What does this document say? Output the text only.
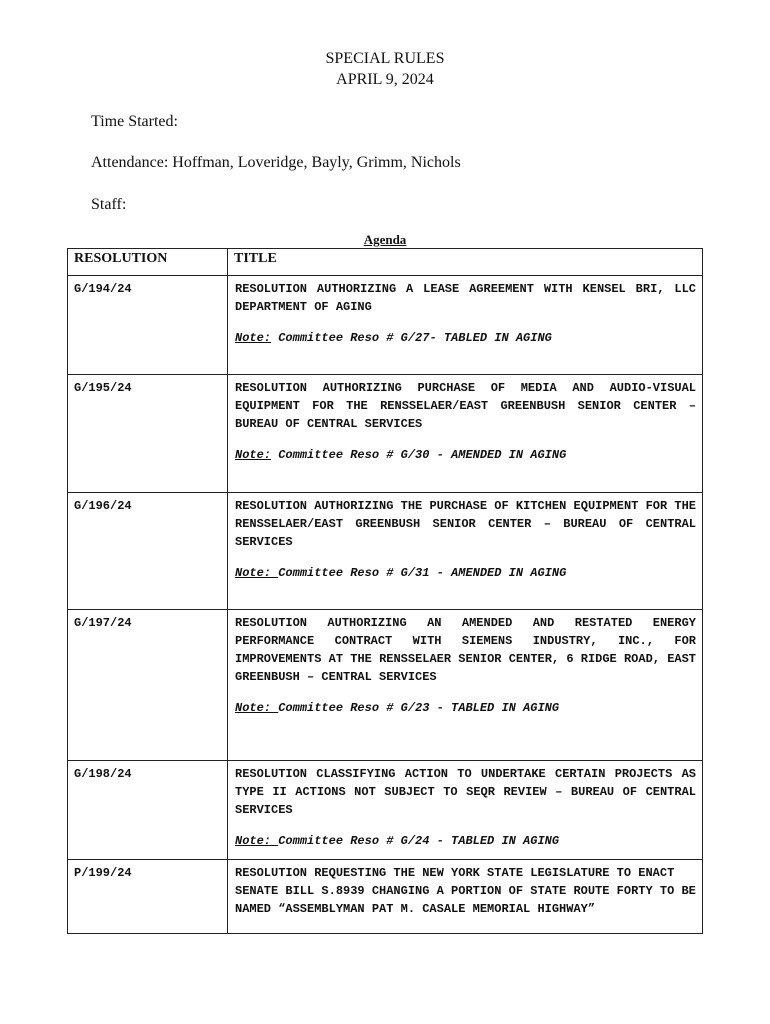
SPECIAL RULES
APRIL 9, 2024
Time Started:
Attendance: Hoffman, Loveridge, Bayly, Grimm, Nichols
Staff:
Agenda
RESOLUTION	TITLE
G/194/24	RESOLUTION AUTHORIZING A LEASE AGREEMENT WITH KENSEL BRI, LLC DEPARTMENT OF AGING
Note: Committee Reso # G/27- TABLED IN AGING

G/195/24	RESOLUTION AUTHORIZING PURCHASE OF MEDIA AND AUDIO-VISUAL EQUIPMENT FOR THE RENSSELAER/EAST GREENBUSH SENIOR CENTER – BUREAU OF CENTRAL SERVICES
Note: Committee Reso # G/30 - AMENDED IN AGING

G/196/24	RESOLUTION AUTHORIZING THE PURCHASE OF KITCHEN EQUIPMENT FOR THE RENSSELAER/EAST GREENBUSH SENIOR CENTER – BUREAU OF CENTRAL SERVICES
Note: Committee Reso # G/31 - AMENDED IN AGING

G/197/24	RESOLUTION AUTHORIZING AN AMENDED AND RESTATED ENERGY PERFORMANCE CONTRACT WITH SIEMENS INDUSTRY, INC., FOR IMPROVEMENTS AT THE RENSSELAER SENIOR CENTER, 6 RIDGE ROAD, EAST GREENBUSH – CENTRAL SERVICES
Note: Committee Reso # G/23 - TABLED IN AGING

G/198/24	RESOLUTION CLASSIFYING ACTION TO UNDERTAKE CERTAIN PROJECTS AS TYPE II ACTIONS NOT SUBJECT TO SEQR REVIEW – BUREAU OF CENTRAL SERVICES
Note: Committee Reso # G/24 - TABLED IN AGING

P/199/24	RESOLUTION REQUESTING THE NEW YORK STATE LEGISLATURE TO ENACT SENATE BILL S.8939 CHANGING A PORTION OF STATE ROUTE FORTY TO BE NAMED “ASSEMBLYMAN PAT M. CASALE MEMORIAL HIGHWAY”
